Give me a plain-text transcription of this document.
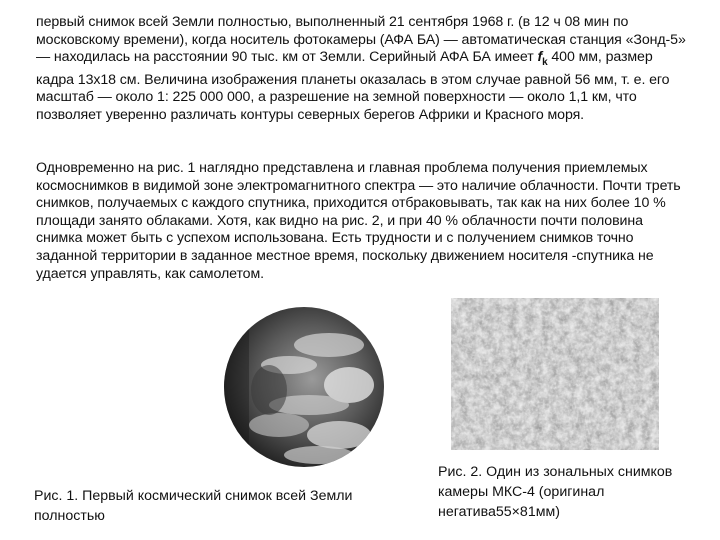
первый снимок всей Земли полностью, выполненный 21 сентября 1968 г. (в 12 ч 08 мин по московскому времени), когда носитель фотокамеры (АФА БА) — автоматическая станция «Зонд-5» — находилась на расстоянии 90 тыс. км от Земли. Серийный АФА БА имеет $f_k$ 400 мм, размер кадра 13x18 см. Величина изображения планеты оказалась в этом случае равной 56 мм, т. е. его масштаб — около 1: 225 000 000, а разрешение на земной поверхности — около 1,1 км, что позволяет уверенно различать контуры северных берегов Африки и Красного моря.
Одновременно на рис. 1 наглядно представлена и главная проблема получения приемлемых космоснимков в видимой зоне электромагнитного спектра — это наличие облачности. Почти треть снимков, получаемых с каждого спутника, приходится отбраковывать, так как на них более 10 % площади занято облаками. Хотя, как видно на рис. 2, и при 40 % облачности почти половина снимка может быть с успехом использована. Есть трудности и с получением снимков точно заданной территории в заданное местное время, поскольку движением носителя -спутника не удается управлять, как самолетом.
Рис. 1. Первый космический снимок всей Земли полностью
Рис. 2. Один из зональных снимков камеры МКС-4 (оригинал негатива55×81мм)
